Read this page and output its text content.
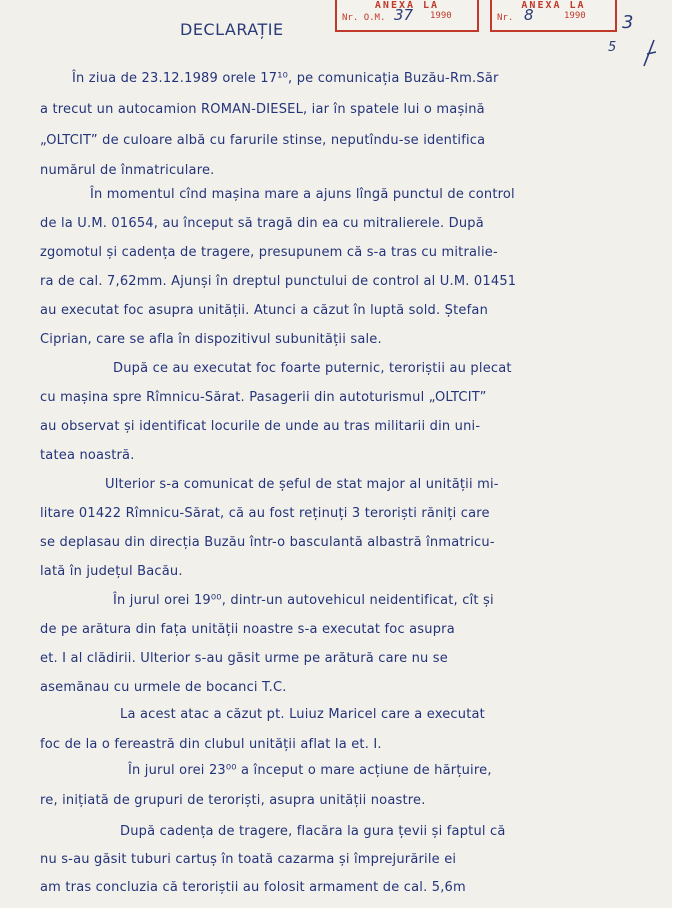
ANEXĂ LA
Nr. O.M. 37 1990
ANEXĂ LA
Nr. 8	1990 3
5
DECLARAȚIE
În ziua de 23.12.1989 orele 17¹⁰, pe comunicația Buzău-Rm.Săr
a trecut un autocamion ROMAN-DIESEL, iar în spatele lui o mașină
„OLTCIT” de culoare albă cu farurile stinse, neputîndu-se identifica
numărul de înmatriculare.
În momentul cînd mașina mare a ajuns lîngă punctul de control
de la U.M. 01654, au început să tragă din ea cu mitralierele. După
zgomotul și cadența de tragere, presupunem că s-a tras cu mitralie-
ra de cal. 7,62mm. Ajunși în dreptul punctului de control al U.M. 01451
au executat foc asupra unității. Atunci a căzut în luptă sold. Ștefan
Ciprian, care se afla în dispozitivul subunității sale.
După ce au executat foc foarte puternic, teroriștii au plecat
cu mașina spre Rîmnicu-Sărat. Pasagerii din autoturismul „OLTCIT”
au observat și identificat locurile de unde au tras militarii din uni-
tatea noastră.
Ulterior s-a comunicat de șeful de stat major al unității mi-
litare 01422 Rîmnicu-Sărat, că au fost reținuți 3 teroriști răniți care
se deplasau din direcția Buzău într-o basculantă albastră înmatricu-
lată în județul Bacău.
În jurul orei 19⁰⁰, dintr-un autovehicul neidentificat, cît și
de pe arătura din fața unității noastre s-a executat foc asupra
et. I al clădirii. Ulterior s-au găsit urme pe arătură care nu se
asemănau cu urmele de bocanci T.C.
La acest atac a căzut pt. Luiuz Maricel care a executat
foc de la o fereastră din clubul unității aflat la et. I.
În jurul orei 23⁰⁰ a început o mare acțiune de hărțuire,
re, inițiată de grupuri de teroriști, asupra unității noastre.
După cadența de tragere, flacăra la gura țevii și faptul că
nu s-au găsit tuburi cartuș în toată cazarma și împrejurările ei
am tras concluzia că teroriștii au folosit armament de cal. 5,6m
